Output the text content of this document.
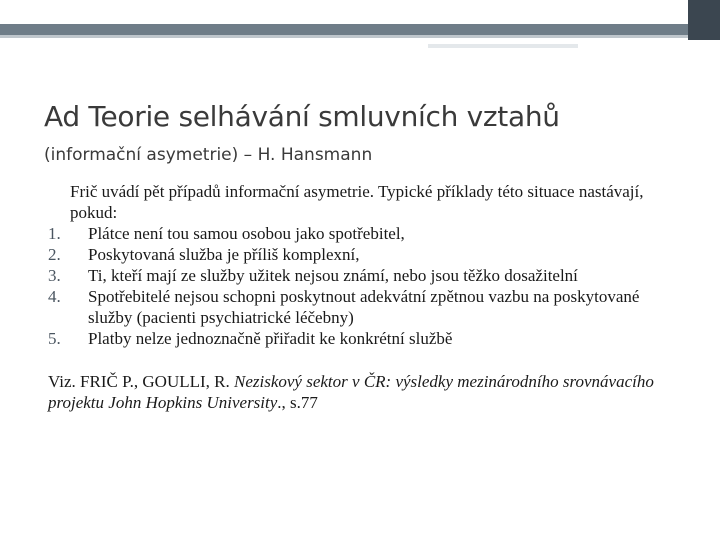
Ad Teorie selhávání smluvních vztahů
(informační asymetrie) – H. Hansmann
Frič uvádí pět případů informační asymetrie. Typické příklady této situace nastávají, pokud:
1.	Plátce není tou samou osobou jako spotřebitel,
2.	Poskytovaná služba je příliš komplexní,
3.	Ti, kteří mají ze služby užitek nejsou známí, nebo jsou těžko dosažitelní
4.	Spotřebitelé nejsou schopni poskytnout adekvátní zpětnou vazbu na poskytované služby (pacienti psychiatrické léčebny)
5.	Platby nelze jednoznačně přiřadit ke konkrétní službě
Viz. FRIČ P., GOULLI, R. Neziskový sektor v ČR: výsledky mezinárodního srovnávacího projektu John Hopkins University., s.77
